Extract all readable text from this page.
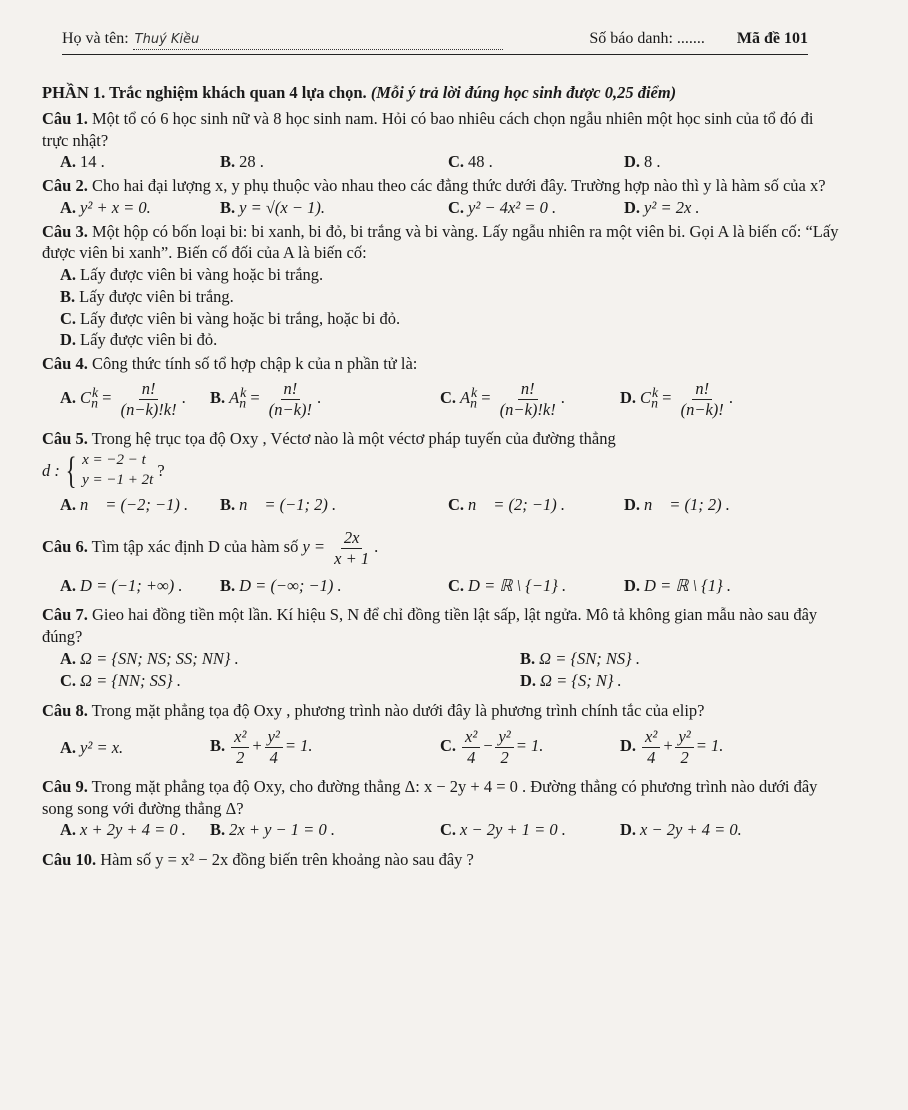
Họ và tên: Thuý Kiều	Số báo danh: ....... Mã đề 101

PHẦN 1. Trắc nghiệm khách quan 4 lựa chọn. (Mỗi ý trả lời đúng học sinh được 0,25 điểm)

Câu 1. Một tổ có 6 học sinh nữ và 8 học sinh nam. Hỏi có bao nhiêu cách chọn ngẫu nhiên một học sinh của tổ đó đi trực nhật?

A. 14 .	B. 28 .	C. 48 .	D. 8 .

Câu 2. Cho hai đại lượng x, y phụ thuộc vào nhau theo các đẳng thức dưới đây. Trường hợp nào thì y là hàm số của x?

A. y² + x = 0.	B. y = √(x − 1).	C. y² − 4x² = 0 .	D. y² = 2x .

Câu 3. Một hộp có bốn loại bi: bi xanh, bi đỏ, bi trắng và bi vàng. Lấy ngẫu nhiên ra một viên bi. Gọi A là biến cố: “Lấy được viên bi xanh”. Biến cố đối của A là biến cố:

A. Lấy được viên bi vàng hoặc bi trắng.
B. Lấy được viên bi trắng.
C. Lấy được viên bi vàng hoặc bi trắng, hoặc bi đỏ.
D. Lấy được viên bi đỏ.

Câu 4. Công thức tính số tổ hợp chập k của n phần tử là:

A. $C_n^k = \frac{n!}{(n-k)!k!}$ .	B. $A_n^k = \frac{n!}{(n-k)!}$ .	C. $A_n^k = \frac{n!}{(n-k)!k!}$ .	D. $C_n^k = \frac{n!}{(n-k)!}$ .

Câu 5. Trong hệ trục tọa độ Oxy , Véctơ nào là một véctơ pháp tuyến của đường thẳng

d : { x = −2 − t
y = −1 + 2t ?
A. n⃗ = (−2; −1) .	B. n⃗ = (−1; 2) .	C. n⃗ = (2; −1) .	D. n⃗ = (1; 2) .

Câu 6. Tìm tập xác định D của hàm số $y = \frac{2x}{x + 1}$ .

A. D = (−1; +∞) .	B. D = (−∞; −1) .	C. D = ℝ \ {−1} .	D. D = ℝ \ {1} .

Câu 7. Gieo hai đồng tiền một lần. Kí hiệu S, N để chỉ đồng tiền lật sấp, lật ngửa. Mô tả không gian mẫu nào sau đây đúng?

A. Ω = {SN; NS; SS; NN} .	B. Ω = {SN; NS} .
C. Ω = {NN; SS} .	D. Ω = {S; N} .

Câu 8. Trong mặt phẳng tọa độ Oxy , phương trình nào dưới đây là phương trình chính tắc của elip?

A. y² = x.	B. $\frac{\text{x²}}{2} + \frac{\text{y²}}{4} = 1$.	C. $\frac{\text{x²}}{4} - \frac{\text{y²}}{2} = 1$.	D. $\frac{\text{x²}}{4} + \frac{\text{y²}}{2} = 1$.

Câu 9. Trong mặt phẳng tọa độ Oxy, cho đường thẳng Δ: x − 2y + 4 = 0 . Đường thẳng có phương trình nào dưới đây song song với đường thẳng Δ?

A. x + 2y + 4 = 0 .	B. 2x + y − 1 = 0 .	C. x − 2y + 1 = 0 .	D. x − 2y + 4 = 0.

Câu 10. Hàm số y = x² − 2x đồng biến trên khoảng nào sau đây ?
